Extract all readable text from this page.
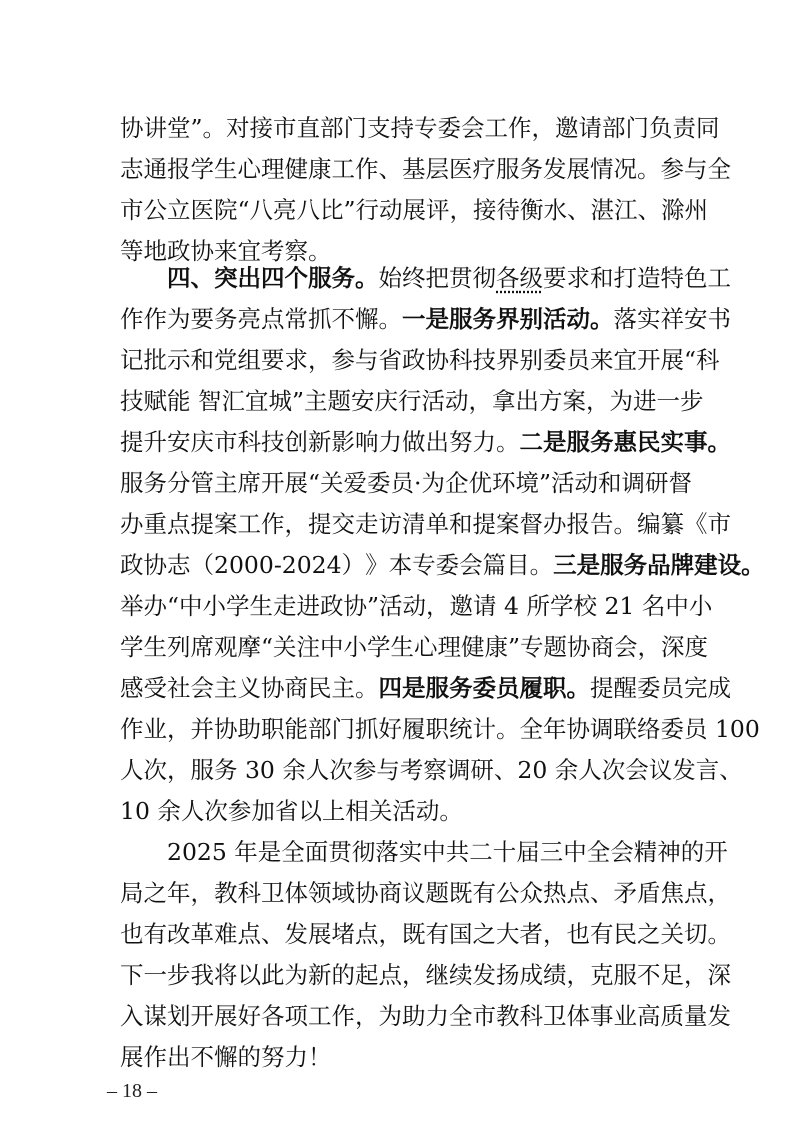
协 讲 堂 ” 。 对 接 市 直 部 门 支 持 专 委 会 工 作 ， 邀 请 部 门 负 责 同
志 通 报 学 生 心 理 健 康 工 作 、 基 层 医 疗 服 务 发 展 情 况 。 参 与 全
市 公 立 医 院 “ 八 亮 八 比 ” 行 动 展 评 ， 接 待 衡 水 、 湛 江 、 滁 州
等地政协来宜考察。
四 、 突 出 四 个 服 务 。 始 终 把 贯 彻 各 级 要 求 和 打 造 特 色 工
作 作 为 要 务 亮 点 常 抓 不 懈 。 一 是 服 务 界 别 活 动 。 落 实 祥 安 书
记 批 示 和 党 组 要 求 ， 参 与 省 政 协 科 技 界 别 委 员 来 宜 开 展 “ 科
技 赋 能
智 汇 宜 城 ” 主 题 安 庆 行 活 动 ， 拿 出 方 案 ， 为 进 一 步
提 升 安 庆 市 科 技 创 新 影 响 力 做 出 努 力 。 二 是 服 务 惠 民 实 事 。
服 务 分 管 主 席 开 展 “ 关 爱 委 员 · 为 企 优 环 境 ” 活 动 和 调 研 督
办 重 点 提 案 工 作 ， 提 交 走 访 清 单 和 提 案 督 办 报 告 。 编 纂 《 市
政 协 志 （ 2000 - 2024 ） 》 本 专 委 会 篇 目 。 三 是 服 务 品 牌 建 设 。
举 办 “ 中 小 学 生 走 进 政 协 ” 活 动 ， 邀 请
4
所 学 校
21
名 中 小
学 生 列 席 观 摩 “ 关 注 中 小 学 生 心 理 健 康 ” 专 题 协 商 会 ， 深 度
感 受 社 会 主 义 协 商 民 主 。 四 是 服 务 委 员 履 职 。 提 醒 委 员 完 成
作 业 ， 并 协 助 职 能 部 门 抓 好 履 职 统 计 。 全 年 协 调 联 络 委 员
100
人 次 ， 服 务
30
余 人 次 参 与 考 察 调 研 、 20
余 人 次 会 议 发 言 、
10 余人次参加省以上相关活动。
2025
年 是 全 面 贯 彻 落 实 中 共 二 十 届 三 中 全 会 精 神 的 开
局 之 年 ， 教 科 卫 体 领 域 协 商 议 题 既 有 公 众 热 点 、 矛 盾 焦 点 ，
也 有 改 革 难 点 、 发 展 堵 点 ， 既 有 国 之 大 者 ， 也 有 民 之 关 切 。
下 一 步 我 将 以 此 为 新 的 起 点 ， 继 续 发 扬 成 绩 ， 克 服 不 足 ， 深
入 谋 划 开 展 好 各 项 工 作 ， 为 助 力 全 市 教 科 卫 体 事 业 高 质 量 发
展作出不懈的努力！
– 18 –
